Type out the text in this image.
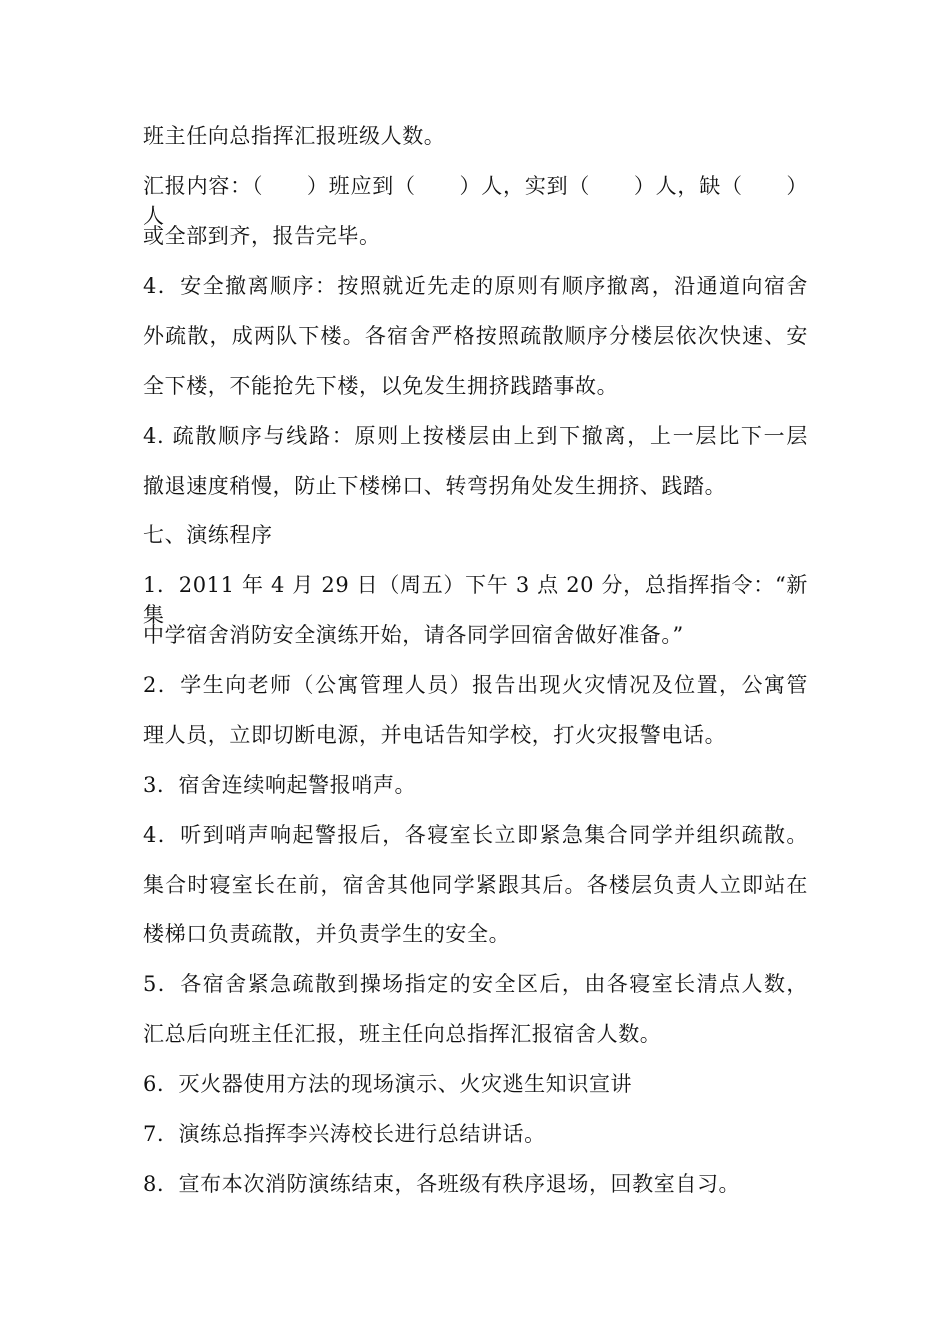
班主任向总指挥汇报班级人数。
汇报内容：（　　）班应到（　　）人，实到（　　）人，缺（　　）人
或全部到齐，报告完毕。
4．安全撤离顺序：按照就近先走的原则有顺序撤离，沿通道向宿舍
外疏散，成两队下楼。各宿舍严格按照疏散顺序分楼层依次快速、安
全下楼，不能抢先下楼，以免发生拥挤践踏事故。
4. 疏散顺序与线路：原则上按楼层由上到下撤离，上一层比下一层
撤退速度稍慢，防止下楼梯口、转弯拐角处发生拥挤、践踏。
七、演练程序
1．2011 年 4 月 29 日（周五）下午 3 点 20 分，总指挥指令：“新集
中学宿舍消防安全演练开始，请各同学回宿舍做好准备。”
2．学生向老师（公寓管理人员）报告出现火灾情况及位置，公寓管
理人员，立即切断电源，并电话告知学校，打火灾报警电话。
3．宿舍连续响起警报哨声。
4．听到哨声响起警报后，各寝室长立即紧急集合同学并组织疏散。
集合时寝室长在前，宿舍其他同学紧跟其后。各楼层负责人立即站在
楼梯口负责疏散，并负责学生的安全。
5．各宿舍紧急疏散到操场指定的安全区后，由各寝室长清点人数，
汇总后向班主任汇报，班主任向总指挥汇报宿舍人数。
6．灭火器使用方法的现场演示、火灾逃生知识宣讲
7．演练总指挥李兴涛校长进行总结讲话。
8．宣布本次消防演练结束，各班级有秩序退场，回教室自习。
